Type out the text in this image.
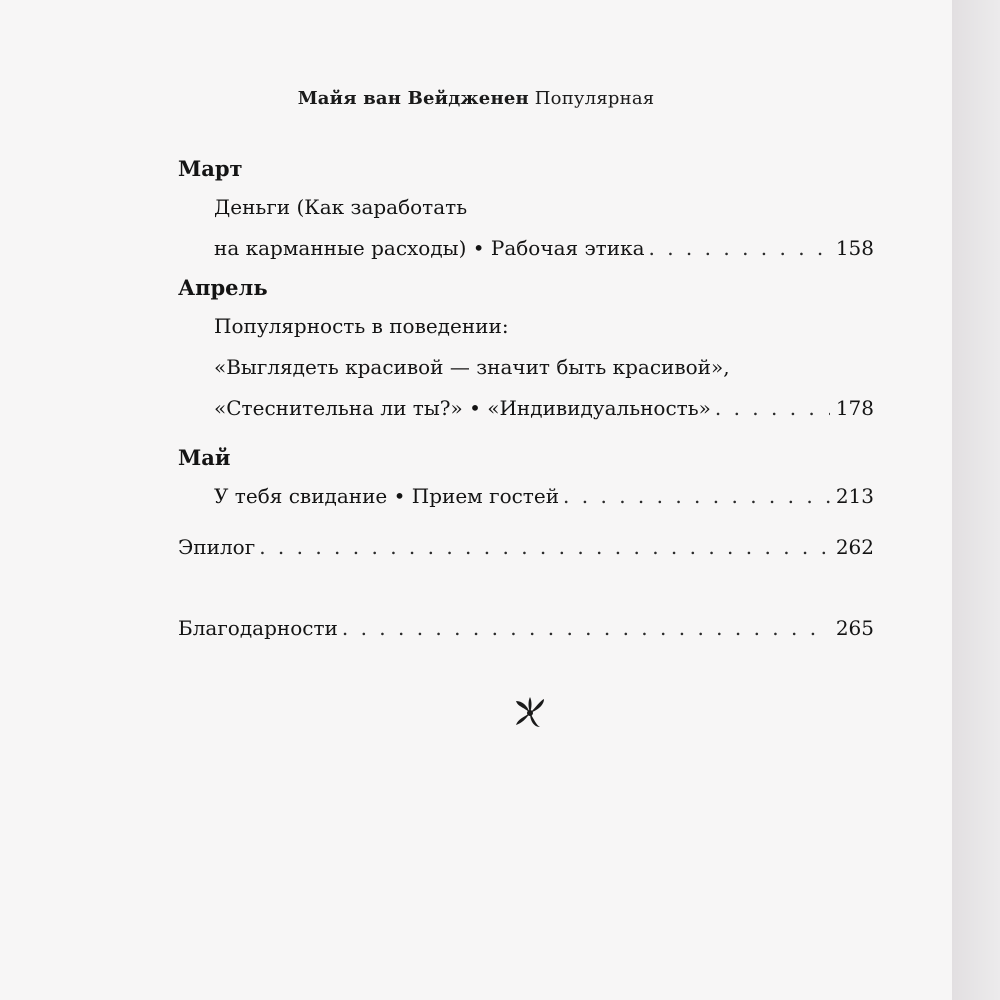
Майя ван Вейдженен Популярная
Март
Деньги (Как заработать
на карманные расходы) • Рабочая этика . . .	158
Апрель
Популярность в поведении:
«Выглядеть красивой — значит быть красивой»,
«Стеснительна ли ты?» • «Индивидуальность» . . .	178
Май
У тебя свидание • Прием гостей . . .	213
Эпилог . . .	262
Благодарности . . .	265
